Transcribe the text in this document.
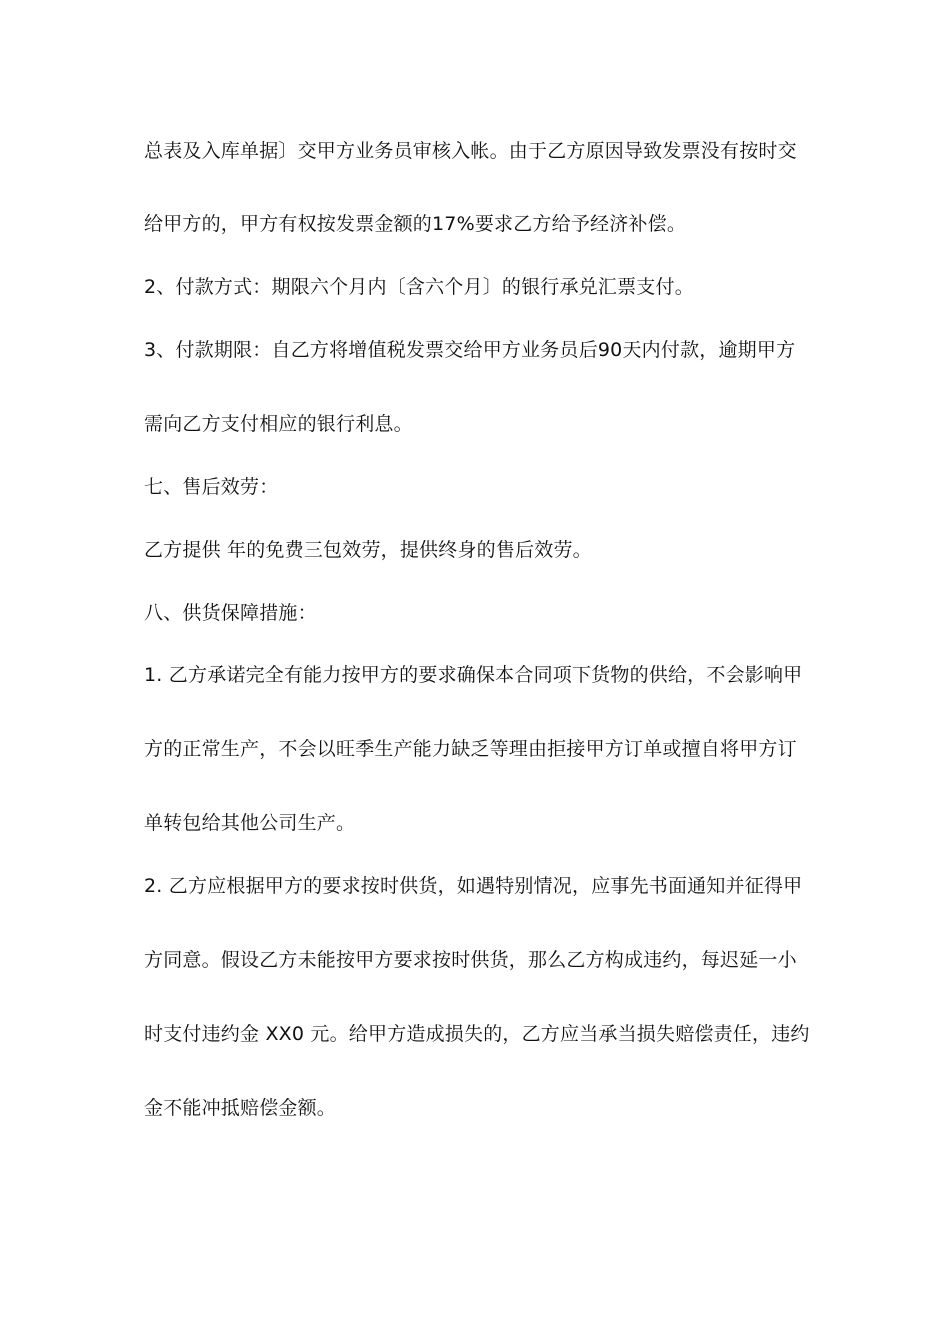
总表及入库单据〕交甲方业务员审核入帐。由于乙方原因导致发票没有按时交
给甲方的，甲方有权按发票金额的17%要求乙方给予经济补偿。
2、付款方式：期限六个月内〔含六个月〕的银行承兑汇票支付。
3、付款期限：自乙方将增值税发票交给甲方业务员后90天内付款，逾期甲方
需向乙方支付相应的银行利息。
七、售后效劳：
乙方提供 年的免费三包效劳，提供终身的售后效劳。
八、供货保障措施：
1. 乙方承诺完全有能力按甲方的要求确保本合同项下货物的供给，不会影响甲
方的正常生产，不会以旺季生产能力缺乏等理由拒接甲方订单或擅自将甲方订
单转包给其他公司生产。
2. 乙方应根据甲方的要求按时供货，如遇特别情况，应事先书面通知并征得甲
方同意。假设乙方未能按甲方要求按时供货，那么乙方构成违约，每迟延一小
时支付违约金 XX0 元。给甲方造成损失的，乙方应当承当损失赔偿责任，违约
金不能冲抵赔偿金额。
